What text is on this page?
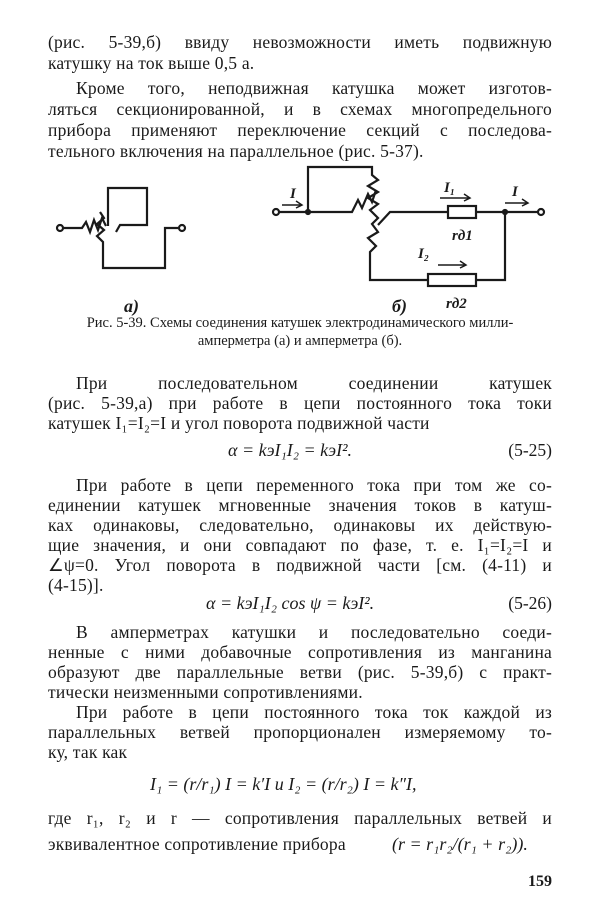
(рис. 5-39,б) ввиду невозможности иметь подвижную
катушку на ток выше 0,5 а.
Кроме того, неподвижная катушка может изготов-
ляться секционированной, и в схемах многопредельного
прибора применяют переключение секций с последова-
тельного включения на параллельное (рис. 5-37).
I	I₁	I
rд1
I₂
rд2
а)	б)
Рис. 5-39. Схемы соединения катушек электродинамического милли-
амперметра (а) и амперметра (б).
При последовательном соединении катушек
(рис. 5-39,а) при работе в цепи постоянного тока токи
катушек I₁=I₂=I и угол поворота подвижной части
α = kэI₁I₂ = kэI².	(5-25)
При работе в цепи переменного тока при том же со-
единении катушек мгновенные значения токов в катуш-
ках одинаковы, следовательно, одинаковы их действую-
щие значения, и они совпадают по фазе, т. е. I₁=I₂=I и
∠ψ=0. Угол поворота в подвижной части [см. (4-11) и
(4-15)].
α = kэI₁I₂ cos ψ = kэI².	(5-26)
В амперметрах катушки и последовательно соеди-
ненные с ними добавочные сопротивления из манганина
образуют две параллельные ветви (рис. 5-39,б) с практ-
тически неизменными сопротивлениями.
При работе в цепи постоянного тока ток каждой из
параллельных ветвей пропорционален измеряемому то-
ку, так как
I₁ = (r/r₁) I = k′I и I₂ = (r/r₂) I = k″I,
где r₁, r₂ и r — сопротивления параллельных ветвей и
эквивалентное сопротивление прибора	(r = r₁r₂/(r₁ + r₂)).
159
